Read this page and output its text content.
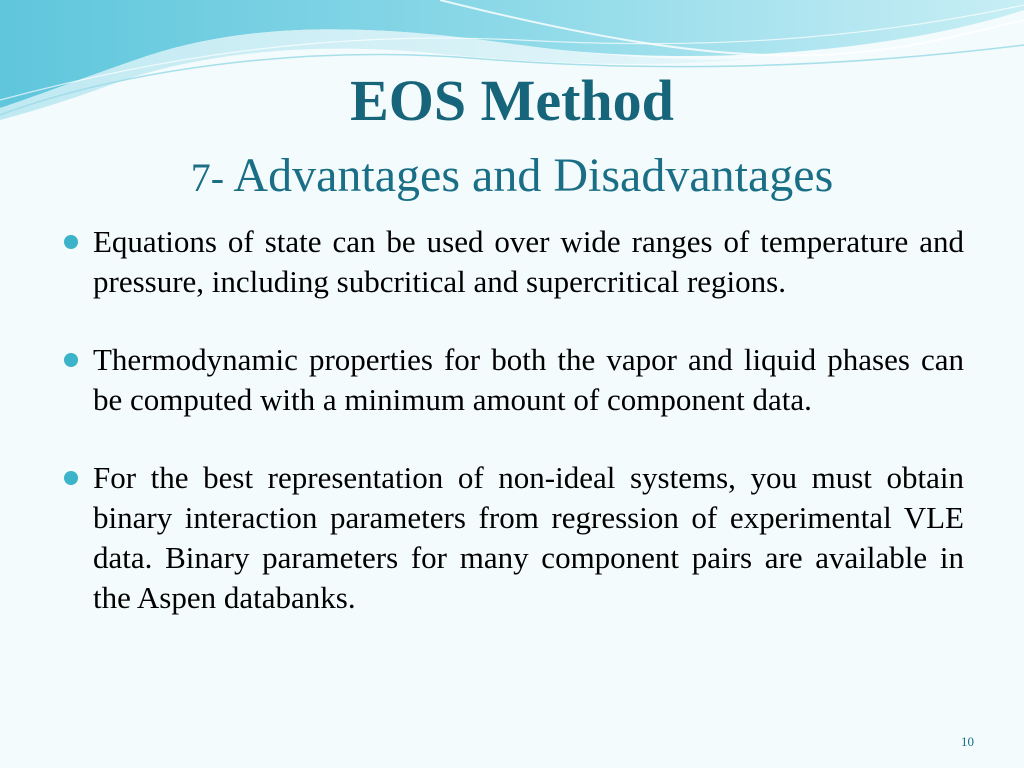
EOS Method
7- Advantages and Disadvantages
Equations of state can be used over wide ranges of temperature and pressure, including subcritical and supercritical regions.
Thermodynamic properties for both the vapor and liquid phases can be computed with a minimum amount of component data.
For the best representation of non-ideal systems, you must obtain binary interaction parameters from regression of experimental VLE data. Binary parameters for many component pairs are available in the Aspen databanks.
10
